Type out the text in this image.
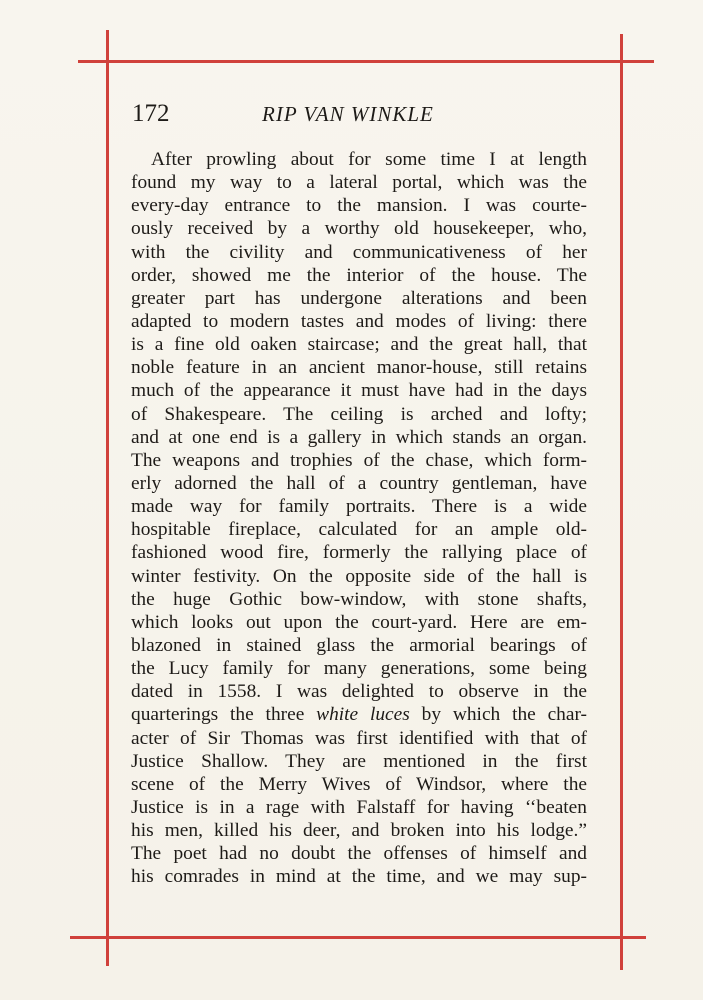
172	RIP VAN WINKLE
After prowling about for some time I at length
found my way to a lateral portal, which was the
every-day entrance to the mansion. I was courte-
ously received by a worthy old housekeeper, who,
with the civility and communicativeness of her
order, showed me the interior of the house. The
greater part has undergone alterations and been
adapted to modern tastes and modes of living: there
is a fine old oaken staircase; and the great hall, that
noble feature in an ancient manor-house, still retains
much of the appearance it must have had in the days
of Shakespeare. The ceiling is arched and lofty;
and at one end is a gallery in which stands an organ.
The weapons and trophies of the chase, which form-
erly adorned the hall of a country gentleman, have
made way for family portraits. There is a wide
hospitable fireplace, calculated for an ample old-
fashioned wood fire, formerly the rallying place of
winter festivity. On the opposite side of the hall is
the huge Gothic bow-window, with stone shafts,
which looks out upon the court-yard. Here are em-
blazoned in stained glass the armorial bearings of
the Lucy family for many generations, some being
dated in 1558. I was delighted to observe in the
quarterings the three white luces by which the char-
acter of Sir Thomas was first identified with that of
Justice Shallow. They are mentioned in the first
scene of the Merry Wives of Windsor, where the
Justice is in a rage with Falstaff for having ‘‘beaten
his men, killed his deer, and broken into his lodge.”
The poet had no doubt the offenses of himself and
his comrades in mind at the time, and we may sup-
